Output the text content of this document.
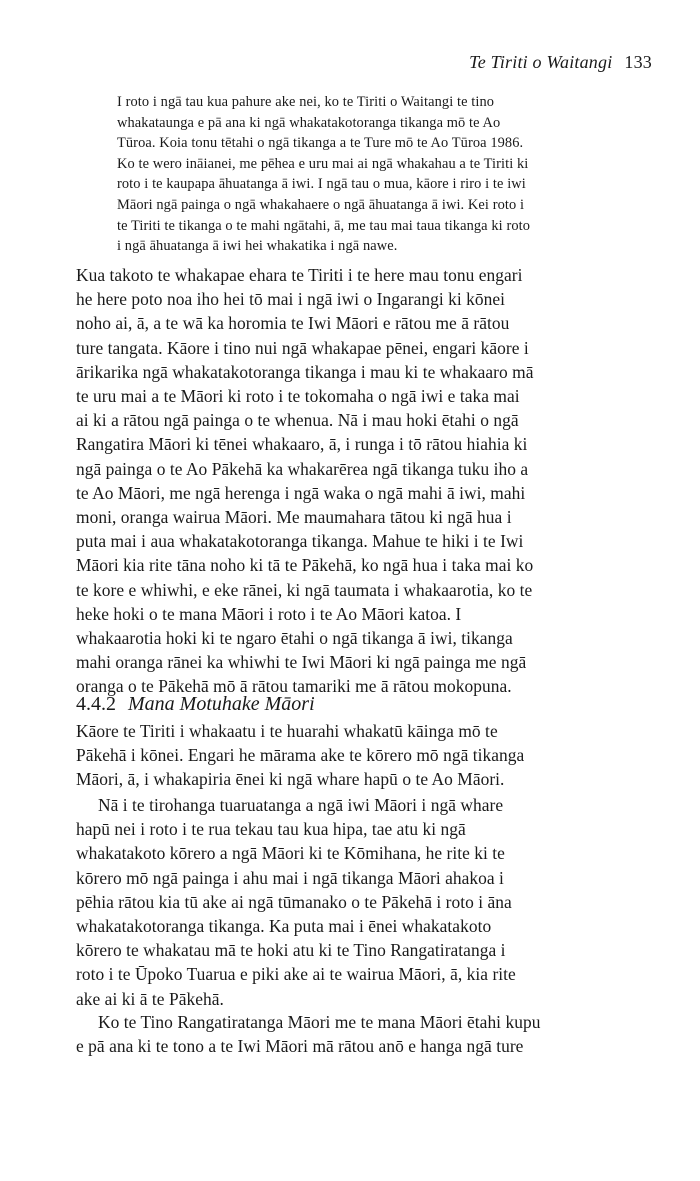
Te Tiriti o Waitangi 133
I roto i ngā tau kua pahure ake nei, ko te Tiriti o Waitangi te tino
whakataunga e pā ana ki ngā whakatakotoranga tikanga mō te Ao
Tūroa. Koia tonu tētahi o ngā tikanga a te Ture mō te Ao Tūroa 1986.
Ko te wero ināianei, me pēhea e uru mai ai ngā whakahau a te Tiriti ki
roto i te kaupapa āhuatanga ā iwi. I ngā tau o mua, kāore i riro i te iwi
Māori ngā painga o ngā whakahaere o ngā āhuatanga ā iwi. Kei roto i
te Tiriti te tikanga o te mahi ngātahi, ā, me tau mai taua tikanga ki roto
i ngā āhuatanga ā iwi hei whakatika i ngā nawe.
Kua takoto te whakapae ehara te Tiriti i te here mau tonu engari
he here poto noa iho hei tō mai i ngā iwi o Ingarangi ki kōnei
noho ai, ā, a te wā ka horomia te Iwi Māori e rātou me ā rātou
ture tangata. Kāore i tino nui ngā whakapae pēnei, engari kāore i
ārikarika ngā whakatakotoranga tikanga i mau ki te whakaaro mā
te uru mai a te Māori ki roto i te tokomaha o ngā iwi e taka mai
ai ki a rātou ngā painga o te whenua. Nā i mau hoki ētahi o ngā
Rangatira Māori ki tēnei whakaaro, ā, i runga i tō rātou hiahia ki
ngā painga o te Ao Pākehā ka whakarērea ngā tikanga tuku iho a
te Ao Māori, me ngā herenga i ngā waka o ngā mahi ā iwi, mahi
moni, oranga wairua Māori. Me maumahara tātou ki ngā hua i
puta mai i aua whakatakotoranga tikanga. Mahue te hiki i te Iwi
Māori kia rite tāna noho ki tā te Pākehā, ko ngā hua i taka mai ko
te kore e whiwhi, e eke rānei, ki ngā taumata i whakaarotia, ko te
heke hoki o te mana Māori i roto i te Ao Māori katoa. I
whakaarotia hoki ki te ngaro ētahi o ngā tikanga ā iwi, tikanga
mahi oranga rānei ka whiwhi te Iwi Māori ki ngā painga me ngā
oranga o te Pākehā mō ā rātou tamariki me ā rātou mokopuna.
4.4.2 Mana Motuhake Māori
Kāore te Tiriti i whakaatu i te huarahi whakatū kāinga mō te
Pākehā i kōnei. Engari he mārama ake te kōrero mō ngā tikanga
Māori, ā, i whakapiria ēnei ki ngā whare hapū o te Ao Māori.
Nā i te tirohanga tuaruatanga a ngā iwi Māori i ngā whare
hapū nei i roto i te rua tekau tau kua hipa, tae atu ki ngā
whakatakoto kōrero a ngā Māori ki te Kōmihana, he rite ki te
kōrero mō ngā painga i ahu mai i ngā tikanga Māori ahakoa i
pēhia rātou kia tū ake ai ngā tūmanako o te Pākehā i roto i āna
whakatakotoranga tikanga. Ka puta mai i ēnei whakatakoto
kōrero te whakatau mā te hoki atu ki te Tino Rangatiratanga i
roto i te Ūpoko Tuarua e piki ake ai te wairua Māori, ā, kia rite
ake ai ki ā te Pākehā.
Ko te Tino Rangatiratanga Māori me te mana Māori ētahi kupu
e pā ana ki te tono a te Iwi Māori mā rātou anō e hanga ngā ture
